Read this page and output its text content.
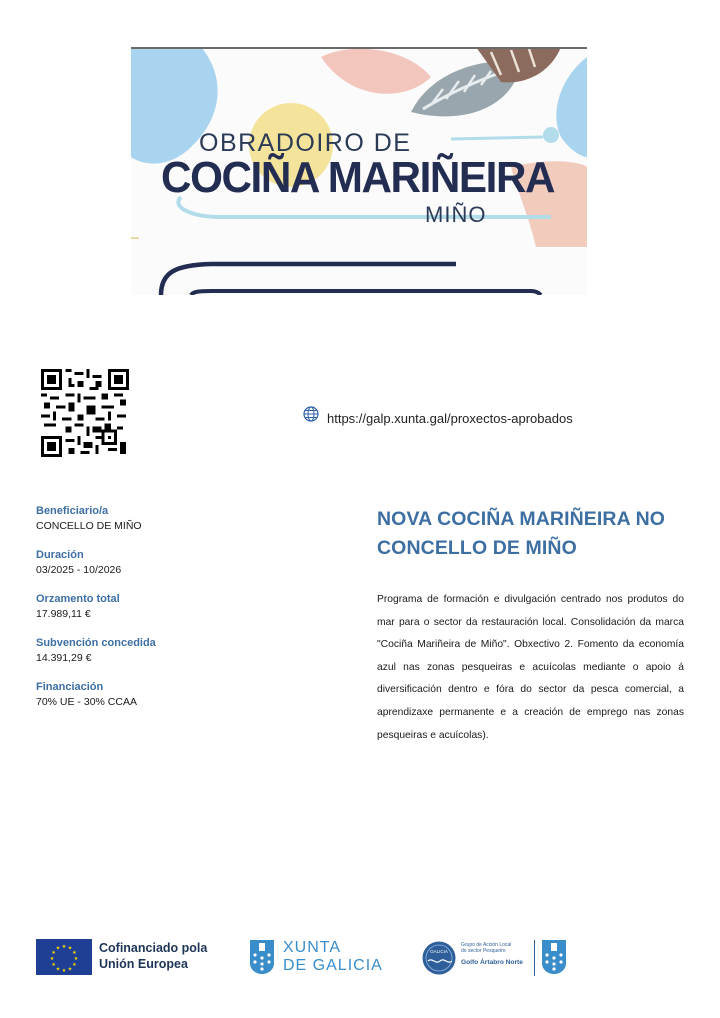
OBRADOIRO DE
COCIÑA MARIÑEIRA
MIÑO
https://galp.xunta.gal/proxectos-aprobados
Beneficiario/a
CONCELLO DE MIÑO
Duración
03/2025 - 10/2026
Orzamento total
17.989,11 €
Subvención concedida
14.391,29 €
Financiación
70% UE - 30% CCAA
NOVA COCIÑA MARIÑEIRA NO CONCELLO DE MIÑO
Programa de formación e divulgación centrado nos produtos do mar para o sector da restauración local. Consolidación da marca "Cociña Mariñeira de Miño". Obxectivo 2. Fomento da economía azul nas zonas pesqueiras e acuícolas mediante o apoio á diversificación dentro e fóra do sector da pesca comercial, a aprendizaxe permanente e a creación de emprego nas zonas pesqueiras e acuícolas).
★ ★
★
★
★
★
★
★
★
★
★
★	Cofinanciado pola
Unión Europea
XUNTA
DE GALICIA
GALICIA
Grupo de Acción Local
do sector Pesqueiro
Golfo Ártabro Norte
